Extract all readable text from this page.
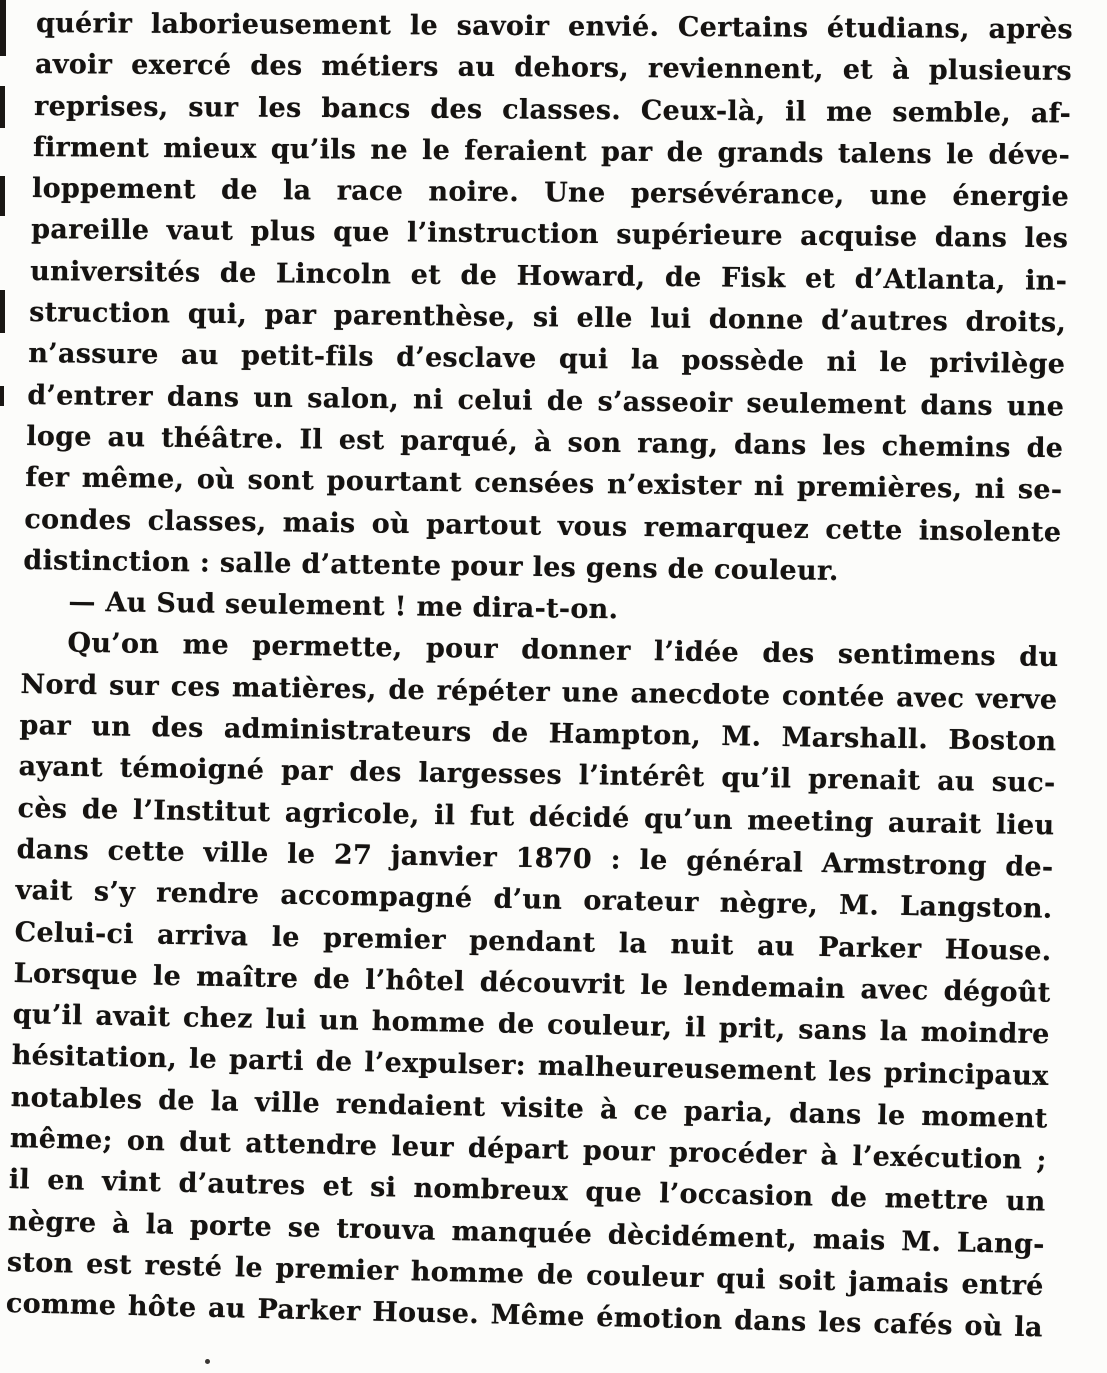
quérir laborieusement le savoir envié. Certains étudians, après
avoir exercé des métiers au dehors, reviennent, et à plusieurs
reprises, sur les bancs des classes. Ceux-là, il me semble, af-
firment mieux qu’ils ne le feraient par de grands talens le déve-
loppement de la race noire. Une persévérance, une énergie
pareille vaut plus que l’instruction supérieure acquise dans les
universités de Lincoln et de Howard, de Fisk et d’Atlanta, in-
struction qui, par parenthèse, si elle lui donne d’autres droits,
n’assure au petit-fils d’esclave qui la possède ni le privilège
d’entrer dans un salon, ni celui de s’asseoir seulement dans une
loge au théâtre. Il est parqué, à son rang, dans les chemins de
fer même, où sont pourtant censées n’exister ni premières, ni se-
condes classes, mais où partout vous remarquez cette insolente
distinction : salle d’attente pour les gens de couleur.
— Au Sud seulement ! me dira-t-on.
Qu’on me permette, pour donner l’idée des sentimens du
Nord sur ces matières, de répéter une anecdote contée avec verve
par un des administrateurs de Hampton, M. Marshall. Boston
ayant témoigné par des largesses l’intérêt qu’il prenait au suc-
cès de l’Institut agricole, il fut décidé qu’un meeting aurait lieu
dans cette ville le 27 janvier 1870 : le général Armstrong de-
vait s’y rendre accompagné d’un orateur nègre, M. Langston.
Celui-ci arriva le premier pendant la nuit au Parker House.
Lorsque le maître de l’hôtel découvrit le lendemain avec dégoût
qu’il avait chez lui un homme de couleur, il prit, sans la moindre
hésitation, le parti de l’expulser: malheureusement les principaux
notables de la ville rendaient visite à ce paria, dans le moment
même; on dut attendre leur départ pour procéder à l’exécution ;
il en vint d’autres et si nombreux que l’occasion de mettre un
nègre à la porte se trouva manquée dècidément, mais M. Lang-
ston est resté le premier homme de couleur qui soit jamais entré
comme hôte au Parker House. Même émotion dans les cafés où la
